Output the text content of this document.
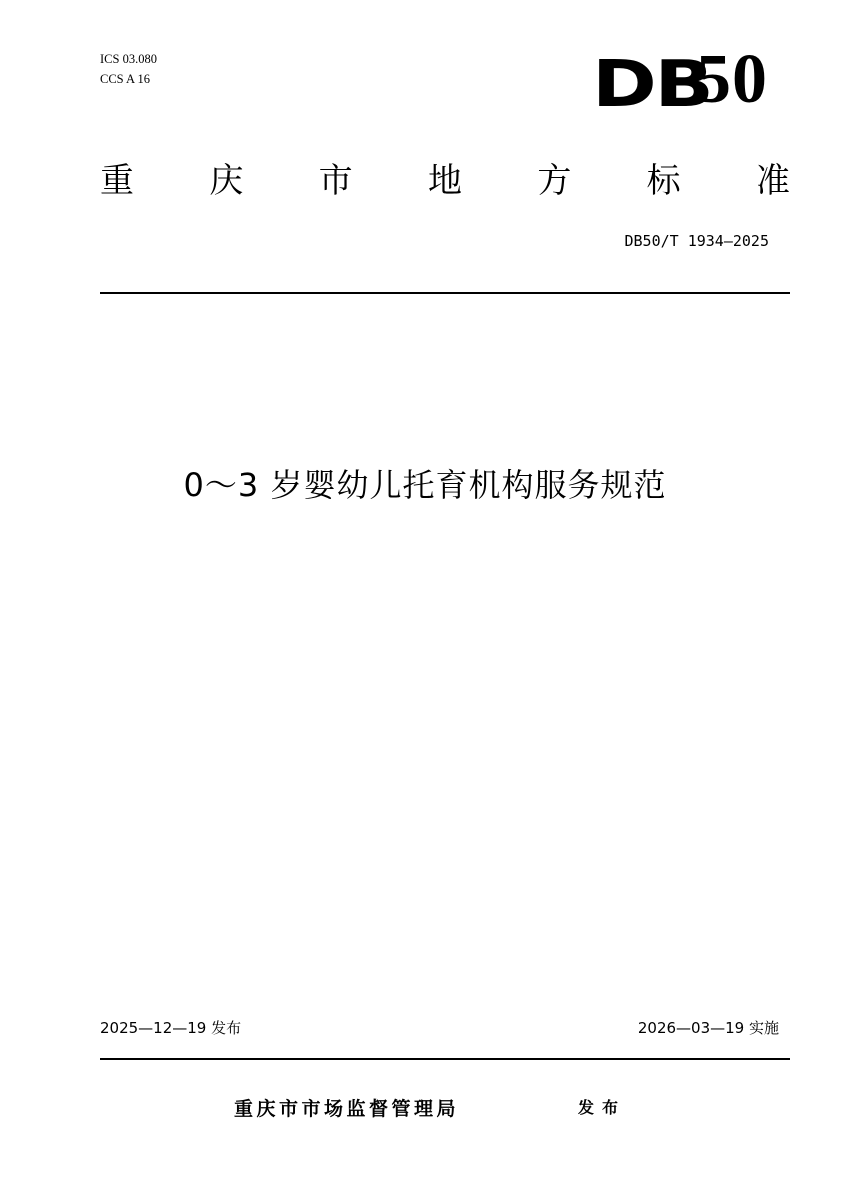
ICS 03.080
CCS A 16	DB
50
重 庆 市 地 方 标 准
DB50/T 1934—2025
0～3 岁婴幼儿托育机构服务规范
2025—12—19 发布	2026—03—19 实施
重庆市市场监督管理局	发布
